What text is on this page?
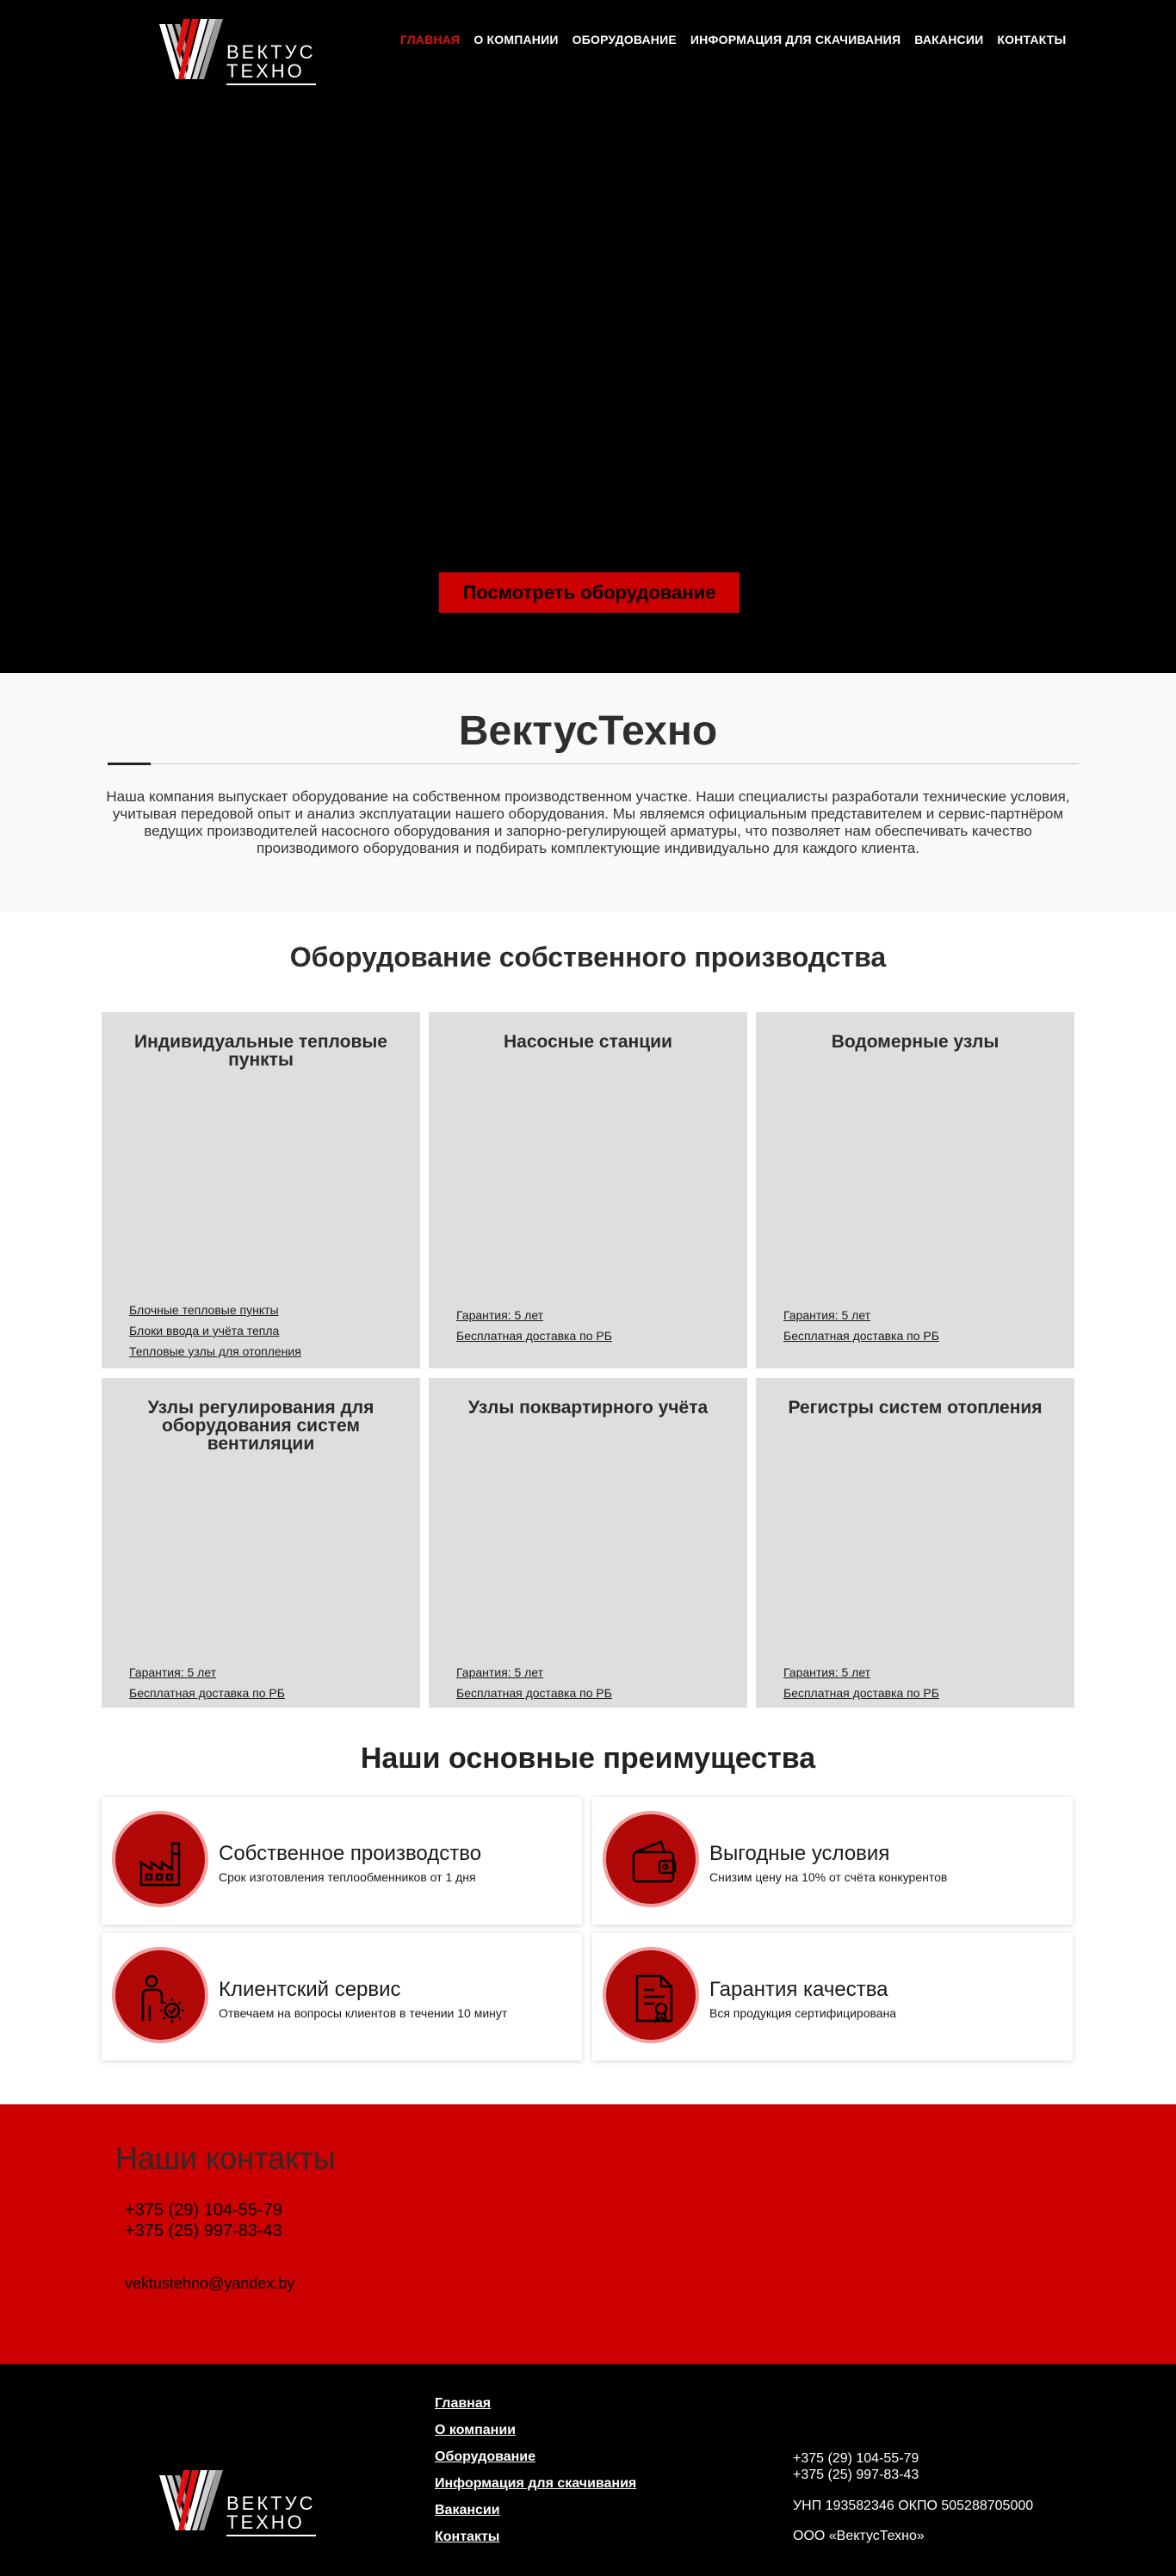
ВЕКТУС
ТЕХНО
ГЛАВНАЯ О КОМПАНИИ ОБОРУДОВАНИЕ ИНФОРМАЦИЯ ДЛЯ СКАЧИВАНИЯ ВАКАНСИИ КОНТАКТЫ
Посмотреть оборудование
ВектусТехно

Наша компания выпускает оборудование на собственном производственном участке. Наши специалисты разработали технические условия, учитывая передовой опыт и анализ эксплуатации нашего оборудования. Мы являемся официальным представителем и сервис-партнёром ведущих производителей насосного оборудования и запорно-регулирующей арматуры, что позволяет нам обеспечивать качество производимого оборудования и подбирать комплектующие индивидуально для каждого клиента.

Оборудование собственного производства
Индивидуальные тепловые пункты
Блочные тепловые пункты
Блоки ввода и учёта тепла
Тепловые узлы для отопления
Насосные станции
Гарантия: 5 лет
Бесплатная доставка по РБ
Водомерные узлы
Гарантия: 5 лет
Бесплатная доставка по РБ
Узлы регулирования для оборудования систем вентиляции
Гарантия: 5 лет
Бесплатная доставка по РБ
Узлы поквартирного учёта
Гарантия: 5 лет
Бесплатная доставка по РБ
Регистры систем отопления
Гарантия: 5 лет
Бесплатная доставка по РБ
Наши основные преимущества
Собственное производство

Срок изготовления теплообменников от 1 дня

Выгодные условия

Снизим цену на 10% от счёта конкурентов

Клиентский сервис

Отвечаем на вопросы клиентов в течении 10 минут

Гарантия качества

Вся продукция сертифицирована

Наши контакты
+375 (29) 104-55-79
+375 (25) 997-83-43
vektustehno@yandex.by
Главная
О компании
Оборудование
Информация для скачивания
Вакансии
Контакты
+375 (29) 104-55-79
+375 (25) 997-83-43
УНП 193582346 ОКПО 505288705000
ООО «ВектусТехно»
ВЕКТУС
ТЕХНО
